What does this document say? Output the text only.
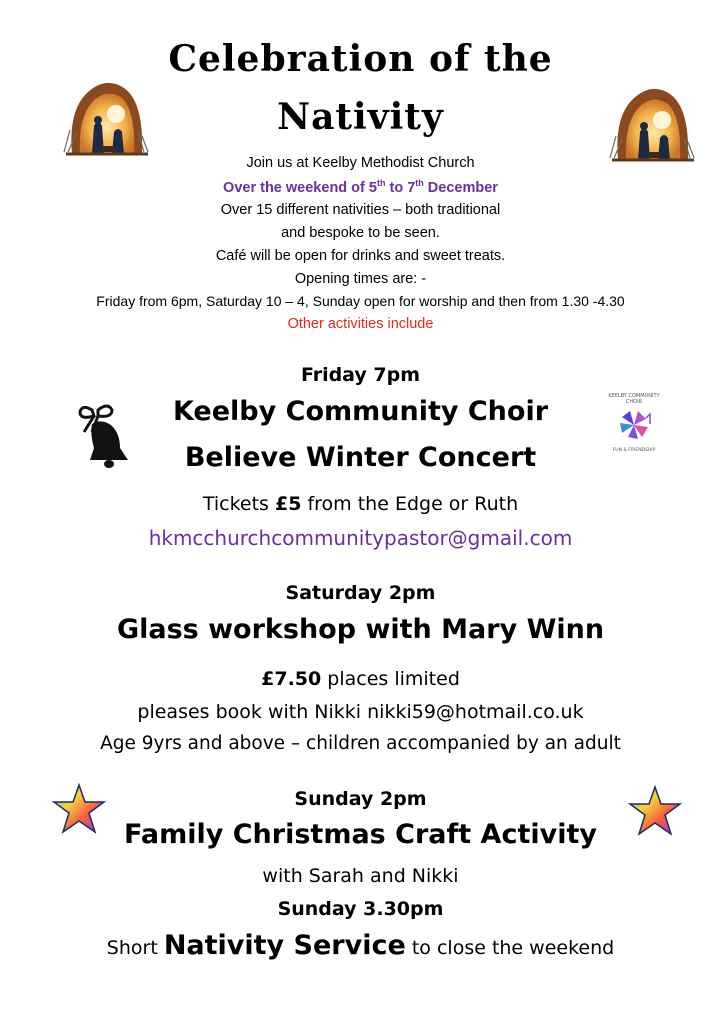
Celebration of the
Nativity
Join us at Keelby Methodist Church
Over the weekend of 5th to 7th December
Over 15 different nativities – both traditional
and bespoke to be seen.
Café will be open for drinks and sweet treats.
Opening times are: -
Friday from 6pm, Saturday 10 – 4, Sunday open for worship and then from 1.30 -4.30
Other activities include
Friday 7pm
Keelby Community Choir
Believe Winter Concert
KEELBY COMMUNITY CHOIR
FUN & FRIENDSHIP
Tickets £5 from the Edge or Ruth
hkmcchurchcommunitypastor@gmail.com
Saturday 2pm
Glass workshop with Mary Winn
£7.50 places limited
pleases book with Nikki nikki59@hotmail.co.uk
Age 9yrs and above – children accompanied by an adult
Sunday 2pm
Family Christmas Craft Activity
with Sarah and Nikki
Sunday 3.30pm
Short Nativity Service to close the weekend
